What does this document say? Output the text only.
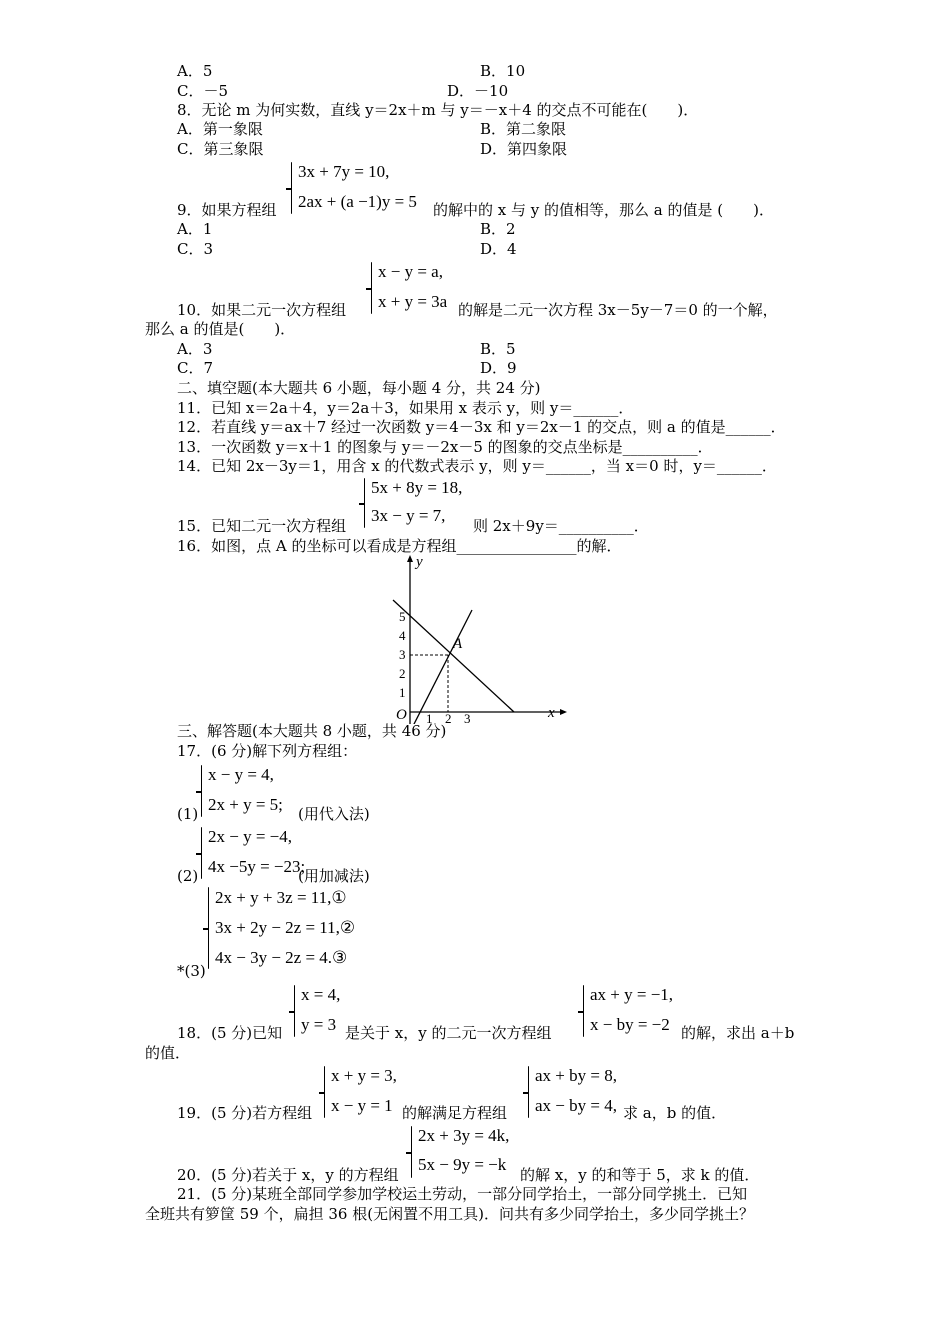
A．5	B．10
C．－5	D．－10
8．无论 m 为何实数，直线 y＝2x＋m 与 y＝－x＋4 的交点不可能在(　　)．
A．第一象限	B．第二象限
C．第三象限	D．第四象限
3x + 7y = 10,
2ax + (a −1)y = 5
9．如果方程组	的解中的 x 与 y 的值相等，那么 a 的值是 (　　)．
A．1	B．2
C．3	D．4
x − y = a,
x + y = 3a
10．如果二元一次方程组	的解是二元一次方程 3x－5y－7＝0 的一个解，
那么 a 的值是(　　)．
A．3	B．5
C．7	D．9
二、填空题(本大题共 6 小题，每小题 4 分，共 24 分)
11．已知 x＝2a＋4，y＝2a＋3，如果用 x 表示 y，则 y＝______．
12．若直线 y＝ax＋7 经过一次函数 y＝4－3x 和 y＝2x－1 的交点，则 a 的值是______．
13．一次函数 y＝x＋1 的图象与 y＝－2x－5 的图象的交点坐标是__________．
14．已知 2x－3y＝1，用含 x 的代数式表示 y，则 y＝______，当 x＝0 时，y＝______．
5x + 8y = 18,
3x − y = 7,
15．已知二元一次方程组	则 2x＋9y＝__________．
16．如图，点 A 的坐标可以看成是方程组________________的解．
y
x
O
A
5
4
3
2
1
1 2 3
三、解答题(本大题共 8 小题，共 46 分)
17．(6 分)解下列方程组：
x − y = 4,
2x + y = 5;
(1)	(用代入法)
2x − y = −4,
4x −5y = −23;
(2)	(用加减法)
2x + y + 3z = 11,①
3x + 2y − 2z = 11,②
4x − 3y − 2z = 4.③
*(3)
x = 4,
y = 3
ax + y = −1,
x − by = −2
18．(5 分)已知	是关于 x，y 的二元一次方程组	的解，求出 a＋b
的值．
x + y = 3,
x − y = 1
ax + by = 8,
ax − by = 4,
19．(5 分)若方程组	的解满足方程组	求 a，b 的值．
2x + 3y = 4k,
5x − 9y = −k
20．(5 分)若关于 x，y 的方程组	的解 x，y 的和等于 5，求 k 的值．
21．(5 分)某班全部同学参加学校运土劳动，一部分同学抬土，一部分同学挑土．已知
全班共有箩筐 59 个，扁担 36 根(无闲置不用工具)．问共有多少同学抬土，多少同学挑土？
